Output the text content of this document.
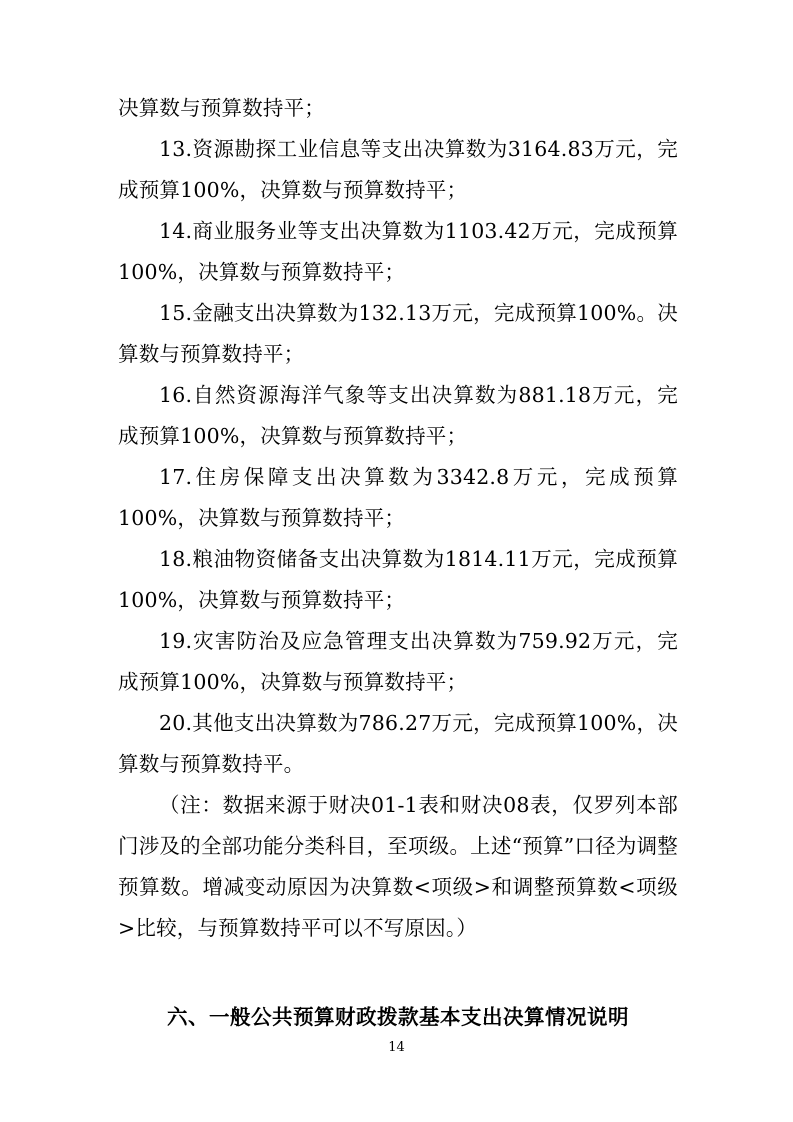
决算数与预算数持平；

13.资源勘探工业信息等支出决算数为3164.83万元，完成预算100%，决算数与预算数持平；

14.商业服务业等支出决算数为1103.42万元，完成预算100%，决算数与预算数持平；

15.金融支出决算数为132.13万元，完成预算100%。决算数与预算数持平；

16.自然资源海洋气象等支出决算数为881.18万元，完成预算100%，决算数与预算数持平；

17.住房保障支出决算数为3342.8万元，完成预算100%，决算数与预算数持平；

18.粮油物资储备支出决算数为1814.11万元，完成预算100%，决算数与预算数持平；

19.灾害防治及应急管理支出决算数为759.92万元，完成预算100%，决算数与预算数持平；

20.其他支出决算数为786.27万元，完成预算100%，决算数与预算数持平。

（注：数据来源于财决01-1表和财决08表，仅罗列本部门涉及的全部功能分类科目，至项级。上述“预算”口径为调整预算数。增减变动原因为决算数<项级>和调整预算数<项级>比较，与预算数持平可以不写原因。）

六、一般公共预算财政拨款基本支出决算情况说明

14
